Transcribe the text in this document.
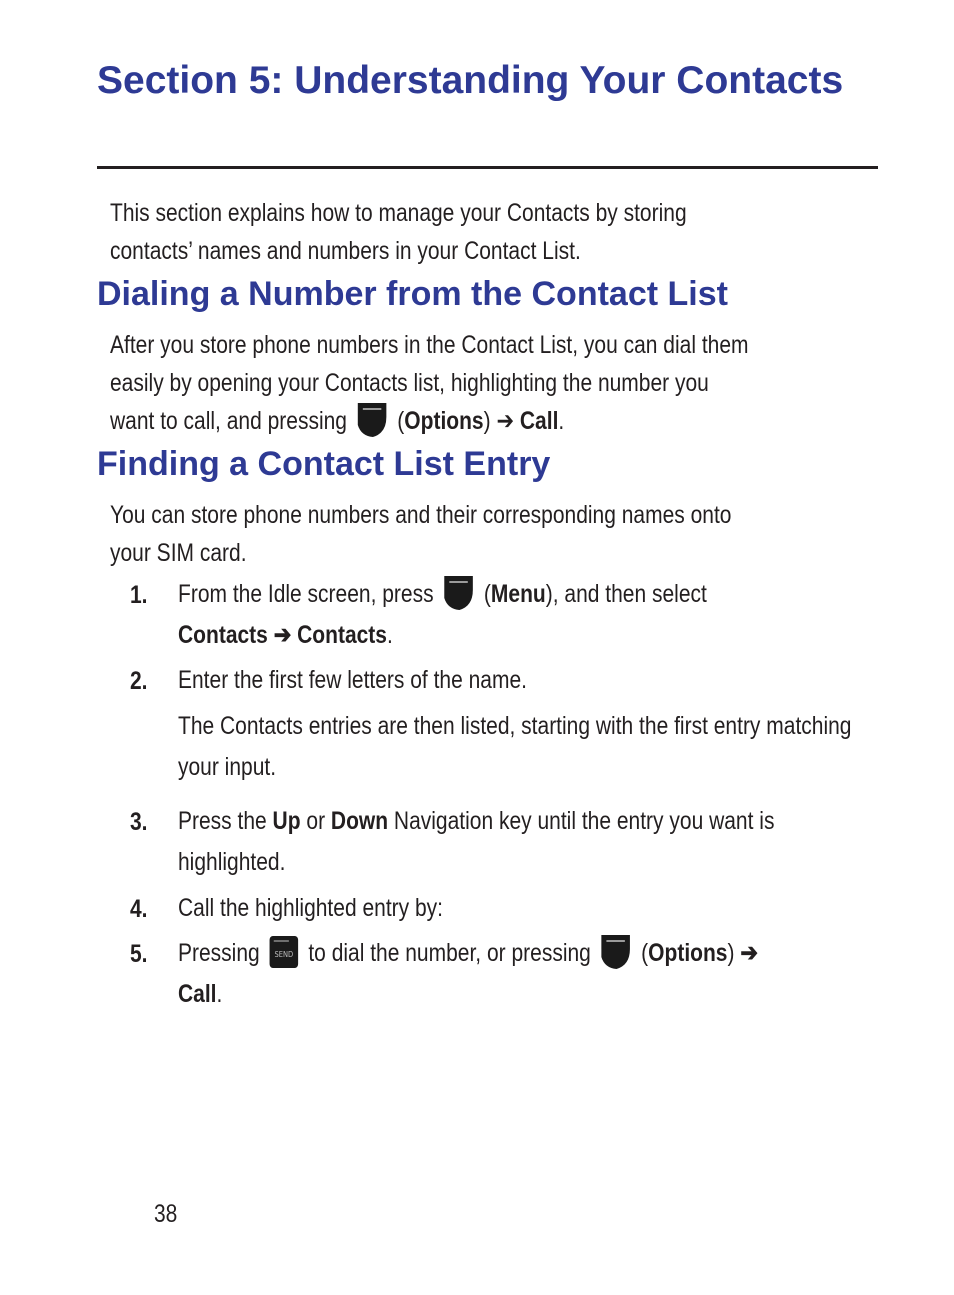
Section 5: Understanding Your Contacts

This section explains how to manage your Contacts by storing contacts’ names and numbers in your Contact List.

Dialing a Number from the Contact List

After you store phone numbers in the Contact List, you can dial them easily by opening your Contacts list, highlighting the number you want to call, and pressing  (Options) ➔ Call.

Finding a Contact List Entry

You can store phone numbers and their corresponding names onto your SIM card.

1. From the Idle screen, press  (Menu), and then select
Contacts ➔ Contacts.
2. Enter the first few letters of the name.
The Contacts entries are then listed, starting with the first entry matching your input.
3. Press the Up or Down Navigation key until the entry you want is highlighted.
4. Call the highlighted entry by:
5. Pressing SEND to dial the number, or pressing  (Options) ➔
Call.
38
